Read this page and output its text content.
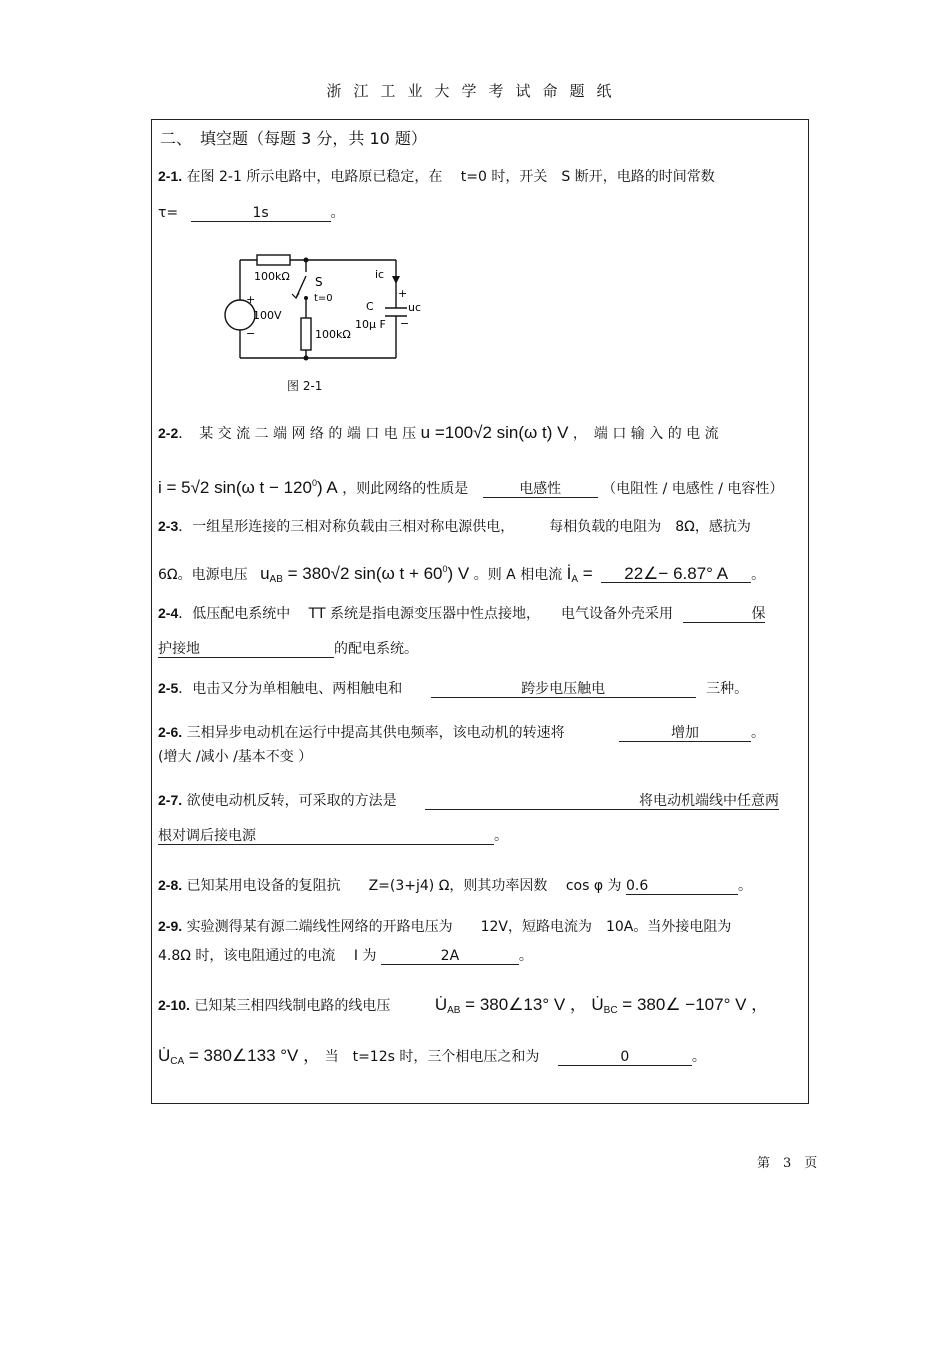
浙江工业大学考试命题纸
二、　填空题（每题 3 分，共 10 题）
2-1. 在图 2-1 所示电路中，电路原已稳定，在　 t=0 时，开关　S 断开，电路的时间常数
τ=	1s	。
100kΩ S
t=0
+
100V
−	100kΩ
iᴄ
+
C
10μ F
uᴄ
−
图 2-1
2-2．　某 交 流 二 端 网 络 的 端 口 电 压 u =100√2 sin(ω t) V ，　端 口 输 入 的 电 流
i = 5√2 sin(ω $t - 120^0$) A ，则此网络的性质是	电感性	（电阻性 / 电感性 / 电容性）
2-3．一组星形连接的三相对称负载由三相对称电源供电，　　　每相负载的电阻为　8Ω，感抗为
6Ω。电源电压 $u_{AB} = 380√2$ sin(ω $t + 60^0$) V 。则 A 相电流 $İ_A$ = 22∠− 6.87° A 。
2-4．低压配电系统中　 TT 系统是指电源变压器中性点接地，　　电气设备外壳采用	保
护接地	的配电系统。
2-5．电击又分为单相触电、两相触电和	跨步电压触电	三种。
2-6. 三相异步电动机在运行中提高其供电频率，该电动机的转速将	增加	。
(增大 /减小 /基本不变 ）
2-7. 欲使电动机反转，可采取的方法是	将电动机端线中任意两
根对调后接电源	。
2-8. 已知某用电设备的复阻抗　　Z=(3+j4) Ω，则其功率因数　 cos φ 为 0.6	。
2-9. 实验测得某有源二端线性网络的开路电压为　　12V，短路电流为　10A。当外接电阻为
4.8Ω 时，该电阻通过的电流　 I 为	2A	。
2-10. 已知某三相四线制电路的线电压	$U̇_{AB}$ = 380∠13° V ， $U̇_{BC}$ = 380∠ −107° V ，
$U̇_{CA}$ = 380∠133 °V ， 当　t=12s 时，三个相电压之和为	0	。
第　3　页
